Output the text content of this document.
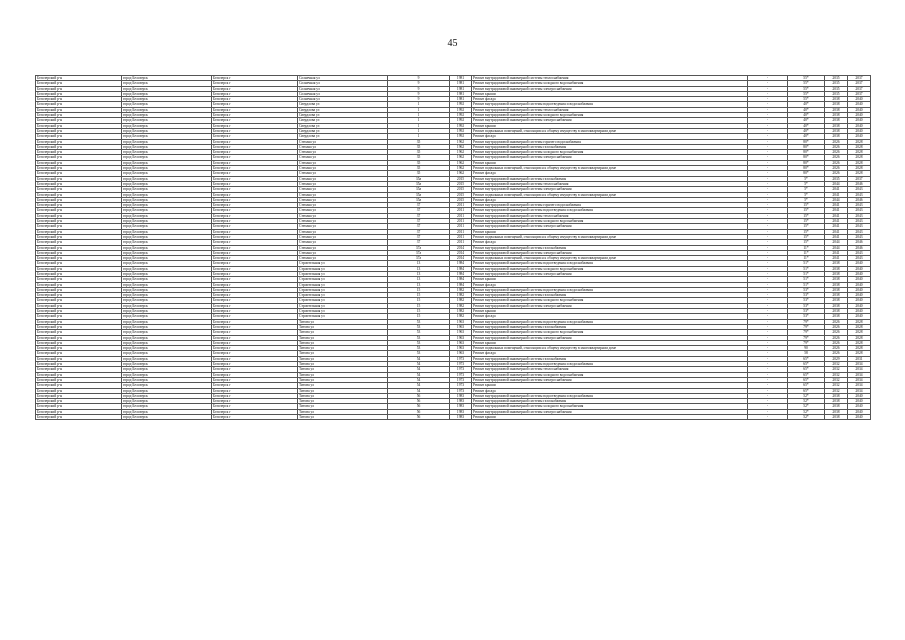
45
Белозерский р-н	город Белозерск	Белозерск г	Солнечная ул	9	1981	Ремонт внутридомовой инженерной системы теплоснабжения	-	55*	2035	2037
Белозерский р-н	город Белозерск	Белозерск г	Солнечная ул	9	1981	Ремонт внутридомовой инженерной системы холодного водоснабжения	-	55*	2035	2037
Белозерский р-н	город Белозерск	Белозерск г	Солнечная ул	9	1981	Ремонт внутридомовой инженерной системы электроснабжения	-	55*	2035	2037
Белозерский р-н	город Белозерск	Белозерск г	Солнечная ул	9	1981	Ремонт крыши	-	55*	2035	2037
Белозерский р-н	город Белозерск	Белозерск г	Солнечная ул	9	1981	Ремонт фасада	-	55*	2038	2040
Белозерский р-н	город Белозерск	Белозерск г	Свердлова ул	1	1992	Ремонт внутридомовой инженерной системы водоотведения и водоснабжения	-	40*	2038	2040
Белозерский р-н	город Белозерск	Белозерск г	Свердлова ул	1	1992	Ремонт внутридомовой инженерной системы теплоснабжения	-	40*	2038	2040
Белозерский р-н	город Белозерск	Белозерск г	Свердлова ул	1	1992	Ремонт внутридомовой инженерной системы холодного водоснабжения	-	40*	2038	2040
Белозерский р-н	город Белозерск	Белозерск г	Свердлова ул	1	1992	Ремонт внутридомовой инженерной системы электроснабжения	-	40*	2038	2040
Белозерский р-н	город Белозерск	Белозерск г	Свердлова ул	1	1992	Ремонт крыши	-	40*	2038	2040
Белозерский р-н	город Белозерск	Белозерск г	Свердлова ул	1	1992	Ремонт подвальных помещений, относящихся к общему имуществу в многоквартирном доме	-	40*	2038	2040
Белозерский р-н	город Белозерск	Белозерск г	Свердлова ул	1	1992	Ремонт фасада	-	40*	2038	2040
Белозерский р-н	город Белозерск	Белозерск г	Степана ул	35	1962	Ремонт внутридомовой инженерной системы горячего водоснабжения	-	80*	2026	2028
Белозерский р-н	город Белозерск	Белозерск г	Степана ул	35	1962	Ремонт внутридомовой инженерной системы газоснабжения	-	80*	2026	2028
Белозерский р-н	город Белозерск	Белозерск г	Степана ул	35	1962	Ремонт внутридомовой инженерной системы холодного водоснабжения	-	80*	2026	2028
Белозерский р-н	город Белозерск	Белозерск г	Степана ул	35	1962	Ремонт внутридомовой инженерной системы электроснабжения	-	80*	2026	2028
Белозерский р-н	город Белозерск	Белозерск г	Степана ул	35	1962	Ремонт крыши	-	80*	2026	2028
Белозерский р-н	город Белозерск	Белозерск г	Степана ул	35	1962	Ремонт подвальных помещений, относящихся к общему имуществу в многоквартирном доме	-	80*	2026	2028
Белозерский р-н	город Белозерск	Белозерск г	Степана ул	35	1962	Ремонт фасада	-	80*	2026	2028
Белозерский р-н	город Белозерск	Белозерск г	Степана ул	35а	2015	Ремонт внутридомовой инженерной системы газоснабжения	-	5*	2035	2037
Белозерский р-н	город Белозерск	Белозерск г	Степана ул	35а	2015	Ремонт внутридомовой инженерной системы теплоснабжения	-	5*	2044	2046
Белозерский р-н	город Белозерск	Белозерск г	Степана ул	35а	2015	Ремонт внутридомовой инженерной системы электроснабжения	-	5*	2041	2043
Белозерский р-н	город Белозерск	Белозерск г	Степана ул	35а	2015	Ремонт подвальных помещений, относящихся к общему имуществу в многоквартирном доме	-	5*	2041	2043
Белозерский р-н	город Белозерск	Белозерск г	Степана ул	35а	2015	Ремонт фасада	-	5*	2044	2046
Белозерский р-н	город Белозерск	Белозерск г	Степана ул	37	2011	Ремонт внутридомовой инженерной системы горячего водоснабжения	-	15*	2041	2043
Белозерский р-н	город Белозерск	Белозерск г	Степана ул	37	2011	Ремонт внутридомовой инженерной системы водоотведения и водоснабжения	-	15*	2041	2043
Белозерский р-н	город Белозерск	Белозерск г	Степана ул	37	2011	Ремонт внутридомовой инженерной системы теплоснабжения	-	15*	2041	2043
Белозерский р-н	город Белозерск	Белозерск г	Степана ул	37	2011	Ремонт внутридомовой инженерной системы холодного водоснабжения	-	15*	2041	2043
Белозерский р-н	город Белозерск	Белозерск г	Степана ул	37	2011	Ремонт внутридомовой инженерной системы электроснабжения	-	15*	2041	2043
Белозерский р-н	город Белозерск	Белозерск г	Степана ул	37	2011	Ремонт крыши	-	15*	2041	2043
Белозерский р-н	город Белозерск	Белозерск г	Степана ул	37	2011	Ремонт подвальных помещений, относящихся к общему имуществу в многоквартирном доме	-	15*	2041	2043
Белозерский р-н	город Белозерск	Белозерск г	Степана ул	37	2011	Ремонт фасада	-	15*	2044	2046
Белозерский р-н	город Белозерск	Белозерск г	Степана ул	37а	2014	Ремонт внутридомовой инженерной системы газоснабжения	-	11*	2044	2046
Белозерский р-н	город Белозерск	Белозерск г	Степана ул	37а	2014	Ремонт внутридомовой инженерной системы электроснабжения	-	11*	2041	2043
Белозерский р-н	город Белозерск	Белозерск г	Степана ул	37а	2014	Ремонт подвальных помещений, относящихся к общему имуществу в многоквартирном доме	-	11*	2041	2043
Белозерский р-н	город Белозерск	Белозерск г	Строительная ул	13	1984	Ремонт внутридомовой инженерной системы водоотведения и водоснабжения	-	51*	2038	2040
Белозерский р-н	город Белозерск	Белозерск г	Строительная ул	13	1984	Ремонт внутридомовой инженерной системы холодного водоснабжения	-	51*	2038	2040
Белозерский р-н	город Белозерск	Белозерск г	Строительная ул	13	1984	Ремонт внутридомовой инженерной системы электроснабжения	-	51*	2038	2040
Белозерский р-н	город Белозерск	Белозерск г	Строительная ул	13	1984	Ремонт крыши	-	51*	2038	2040
Белозерский р-н	город Белозерск	Белозерск г	Строительная ул	13	1984	Ремонт фасада	-	51*	2038	2040
Белозерский р-н	город Белозерск	Белозерск г	Строительная ул	15	1982	Ремонт внутридомовой инженерной системы водоотведения и водоснабжения	-	53*	2038	2040
Белозерский р-н	город Белозерск	Белозерск г	Строительная ул	15	1982	Ремонт внутридомовой инженерной системы газоснабжения	-	53*	2038	2040
Белозерский р-н	город Белозерск	Белозерск г	Строительная ул	15	1982	Ремонт внутридомовой инженерной системы холодного водоснабжения	-	53*	2038	2040
Белозерский р-н	город Белозерск	Белозерск г	Строительная ул	15	1982	Ремонт внутридомовой инженерной системы электроснабжения	-	53*	2038	2040
Белозерский р-н	город Белозерск	Белозерск г	Строительная ул	15	1982	Ремонт крыши	-	53*	2038	2040
Белозерский р-н	город Белозерск	Белозерск г	Строительная ул	15	1982	Ремонт фасада	-	53*	2038	2040
Белозерский р-н	город Белозерск	Белозерск г	Титова ул	53	1963	Ремонт внутридомовой инженерной системы водоотведения и водоснабжения	-	79*	2026	2028
Белозерский р-н	город Белозерск	Белозерск г	Титова ул	53	1963	Ремонт внутридомовой инженерной системы газоснабжения	-	79*	2026	2028
Белозерский р-н	город Белозерск	Белозерск г	Титова ул	53	1963	Ремонт внутридомовой инженерной системы холодного водоснабжения	-	79*	2026	2028
Белозерский р-н	город Белозерск	Белозерск г	Титова ул	53	1963	Ремонт внутридомовой инженерной системы электроснабжения	-	79*	2026	2028
Белозерский р-н	город Белозерск	Белозерск г	Титова ул	53	1963	Ремонт крыши	-	79*	2026	2028
Белозерский р-н	город Белозерск	Белозерск г	Титова ул	53	1963	Ремонт подвальных помещений, относящихся к общему имуществу в многоквартирном доме	-	90	2026	2028
Белозерский р-н	город Белозерск	Белозерск г	Титова ул	53	1963	Ремонт фасада	-	58	2026	2028
Белозерский р-н	город Белозерск	Белозерск г	Титова ул	54	1973	Ремонт внутридомовой инженерной системы газоснабжения	-	65*	2029	2031
Белозерский р-н	город Белозерск	Белозерск г	Титова ул	54	1973	Ремонт внутридомовой инженерной системы водоотведения и водоснабжения	-	65*	2032	2034
Белозерский р-н	город Белозерск	Белозерск г	Титова ул	54	1973	Ремонт внутридомовой инженерной системы теплоснабжения	-	65*	2032	2034
Белозерский р-н	город Белозерск	Белозерск г	Титова ул	54	1973	Ремонт внутридомовой инженерной системы холодного водоснабжения	-	65*	2032	2034
Белозерский р-н	город Белозерск	Белозерск г	Титова ул	54	1973	Ремонт внутридомовой инженерной системы электроснабжения	-	65*	2032	2034
Белозерский р-н	город Белозерск	Белозерск г	Титова ул	54	1973	Ремонт крыши	-	65*	2032	2034
Белозерский р-н	город Белозерск	Белозерск г	Титова ул	54	1973	Ремонт фасада	-	65*	2032	2034
Белозерский р-н	город Белозерск	Белозерск г	Титова ул	56	1983	Ремонт внутридомовой инженерной системы водоотведения и водоснабжения	-	52*	2038	2040
Белозерский р-н	город Белозерск	Белозерск г	Титова ул	56	1983	Ремонт внутридомовой инженерной системы газоснабжения	-	52*	2038	2040
Белозерский р-н	город Белозерск	Белозерск г	Титова ул	56	1983	Ремонт внутридомовой инженерной системы холодного водоснабжения	-	52*	2038	2040
Белозерский р-н	город Белозерск	Белозерск г	Титова ул	56	1983	Ремонт внутридомовой инженерной системы электроснабжения	-	52*	2038	2040
Белозерский р-н	город Белозерск	Белозерск г	Титова ул	56	1983	Ремонт крыши	-	52*	2038	2040
